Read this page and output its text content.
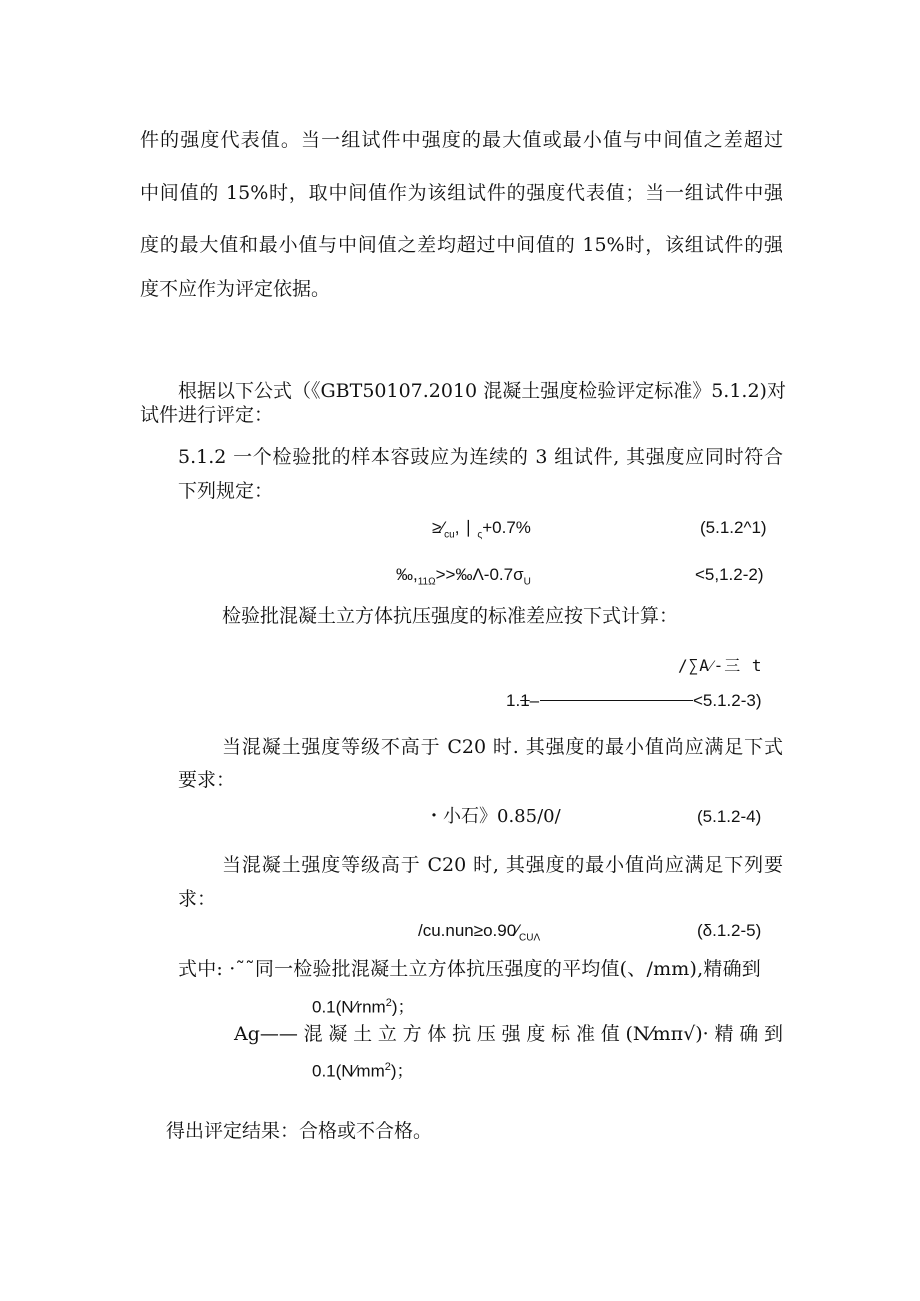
件的强度代表值。当一组试件中强度的最大值或最小值与中间值之差超过
中间值的 15%时，取中间值作为该组试件的强度代表值；当一组试件中强
度的最大值和最小值与中间值之差均超过中间值的 15%时，该组试件的强
度不应作为评定依据。
根据以下公式（《GBT50107.2010 混凝土强度检验评定标准》5.1.2)对
试件进行评定：
5.1.2 一个检验批的样本容豉应为连续的 3 组试件, 其强度应同时符合
下列规定：
$\ge⁄_{cu}$, ∣ $_\varsigma$+0.7%	(5.1.2^1)
$‰,_{11\Omega}>>‰\Lambda-0.7\sigma_U$	<5,1.2-2)
检验批混凝土立方体抗压强度的标准差应按下式计算：
/∑A⁄-三 t
1.1–	<5.1.2-3)
当混凝土强度等级不高于 C20 时. 其强度的最小值尚应满足下式
要求：
・小石》0.85/0/	(5.1.2-4)
当混凝土强度等级高于 C20 时, 其强度的最小值尚应满足下列要
求：
$/cu.nun\ge o.90⁄_{CU\Lambda}$	(δ.1.2-5)
式中: ·˜˜同一检验批混凝土立方体抗压强度的平均值(、/mm),精确到
0.1(N⁄rnm$^2$)；
Ag——混凝土立方体抗压强度标准值(N⁄mπ√)·精确到
$0.1(N⁄mm^2)$；
得出评定结果：合格或不合格。
